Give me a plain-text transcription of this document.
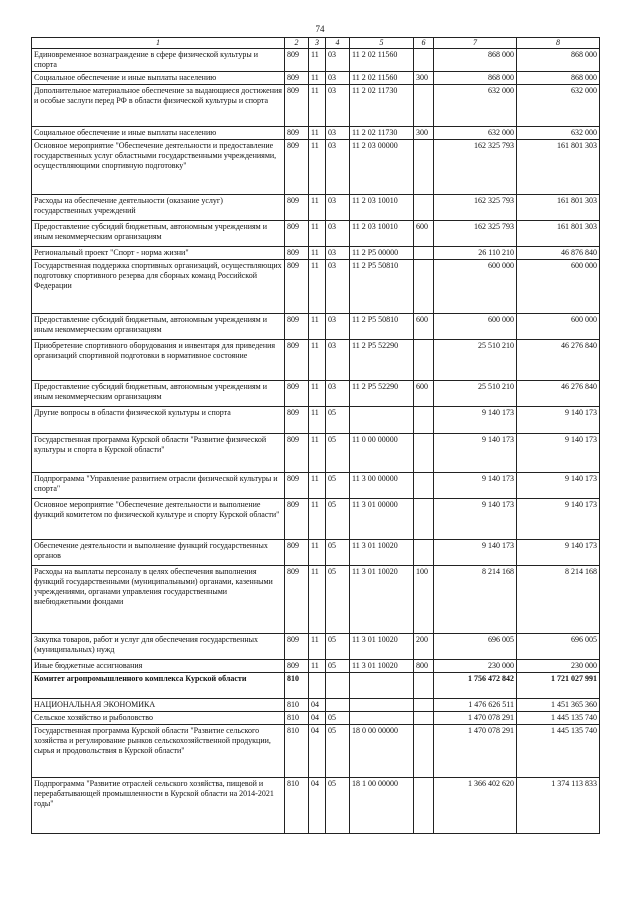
74
1	2	3	4	5	6	7	8
Единовременное вознаграждение в сфере физической культуры и спорта	809	11	03	11 2 02 11560		868 000	868 000
Социальное обеспечение и иные выплаты населению	809	11	03	11 2 02 11560	300	868 000	868 000
Дополнительное материальное обеспечение за выдающиеся достижения и особые заслуги перед РФ в области физической культуры и спорта	809	11	03	11 2 02 11730		632 000	632 000
Социальное обеспечение и иные выплаты населению	809	11	03	11 2 02 11730	300	632 000	632 000
Основное мероприятие "Обеспечение деятельности и предоставление государственных услуг областными государственными учреждениями, осуществляющими спортивную подготовку"	809	11	03	11 2 03 00000		162 325 793	161 801 303
Расходы на обеспечение деятельности (оказание услуг) государственных учреждений	809	11	03	11 2 03 10010		162 325 793	161 801 303
Предоставление субсидий бюджетным, автономным учреждениям и иным некоммерческим организациям	809	11	03	11 2 03 10010	600	162 325 793	161 801 303
Региональный проект "Спорт - норма жизни"	809	11	03	11 2 P5 00000		26 110 210	46 876 840
Государственная поддержка спортивных организаций, осуществляющих подготовку спортивного резерва для сборных команд Российской Федерации	809	11	03	11 2 P5 50810		600 000	600 000
Предоставление субсидий бюджетным, автономным учреждениям и иным некоммерческим организациям	809	11	03	11 2 P5 50810	600	600 000	600 000
Приобретение спортивного оборудования и инвентаря для приведения организаций спортивной подготовки в нормативное состояние	809	11	03	11 2 P5 52290		25 510 210	46 276 840
Предоставление субсидий бюджетным, автономным учреждениям и иным некоммерческим организациям	809	11	03	11 2 P5 52290	600	25 510 210	46 276 840
Другие вопросы в области физической культуры и спорта	809	11	05			9 140 173	9 140 173
Государственная программа Курской области "Развитие физической культуры и спорта в Курской области"	809	11	05	11 0 00 00000		9 140 173	9 140 173
Подпрограмма "Управление развитием отрасли физической культуры и спорта"	809	11	05	11 3 00 00000		9 140 173	9 140 173
Основное мероприятие "Обеспечение деятельности и выполнение функций комитетом по физической культуре и спорту Курской области"	809	11	05	11 3 01 00000		9 140 173	9 140 173
Обеспечение деятельности и выполнение функций государственных органов	809	11	05	11 3 01 10020		9 140 173	9 140 173
Расходы на выплаты персоналу в целях обеспечения выполнения функций государственными (муниципальными) органами, казенными учреждениями, органами управления государственными внебюджетными фондами	809	11	05	11 3 01 10020	100	8 214 168	8 214 168
Закупка товаров, работ и услуг для обеспечения государственных (муниципальных) нужд	809	11	05	11 3 01 10020	200	696 005	696 005
Иные бюджетные ассигнования	809	11	05	11 3 01 10020	800	230 000	230 000
Комитет агропромышленного комплекса Курской области	810					1 756 472 842	1 721 027 991
НАЦИОНАЛЬНАЯ ЭКОНОМИКА	810	04				1 476 626 511	1 451 365 360
Сельское хозяйство и рыболовство	810	04	05			1 470 078 291	1 445 135 740
Государственная программа Курской области "Развитие сельского хозяйства и регулирование рынков сельскохозяйственной продукции, сырья и продовольствия в Курской области"	810	04	05	18 0 00 00000		1 470 078 291	1 445 135 740
Подпрограмма "Развитие отраслей сельского хозяйства, пищевой и перерабатывающей промышленности в Курской области на 2014-2021 годы"	810	04	05	18 1 00 00000		1 366 402 620	1 374 113 833
